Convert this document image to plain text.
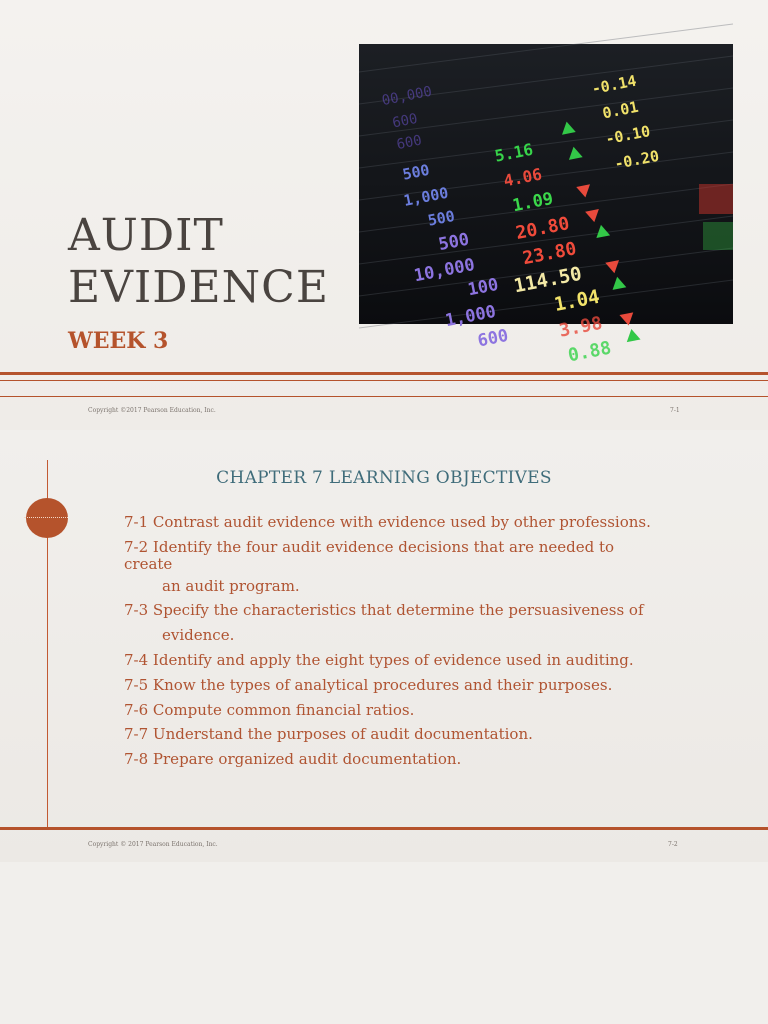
AUDIT
EVIDENCE
WEEK 3
00,000
600
600
500
1,000
500
500
10,000
100
1,000
600
5.16
4.06
1.09
20.80
23.80
114.50
1.04
3.98
0.88
-0.14
0.01
-0.10
-0.20
Copyright ©2017 Pearson Education, Inc.	7-1
CHAPTER 7 LEARNING OBJECTIVES
7-1 Contrast audit evidence with evidence used by other professions.
7-2 Identify the four audit evidence decisions that are needed to
create
an audit program.
7-3 Specify the characteristics that determine the persuasiveness of
evidence.
7-4 Identify and apply the eight types of evidence used in auditing.
7-5 Know the types of analytical procedures and their purposes.
7-6 Compute common financial ratios.
7-7 Understand the purposes of audit documentation.
7-8 Prepare organized audit documentation.
Copyright © 2017 Pearson Education, Inc.	7-2
